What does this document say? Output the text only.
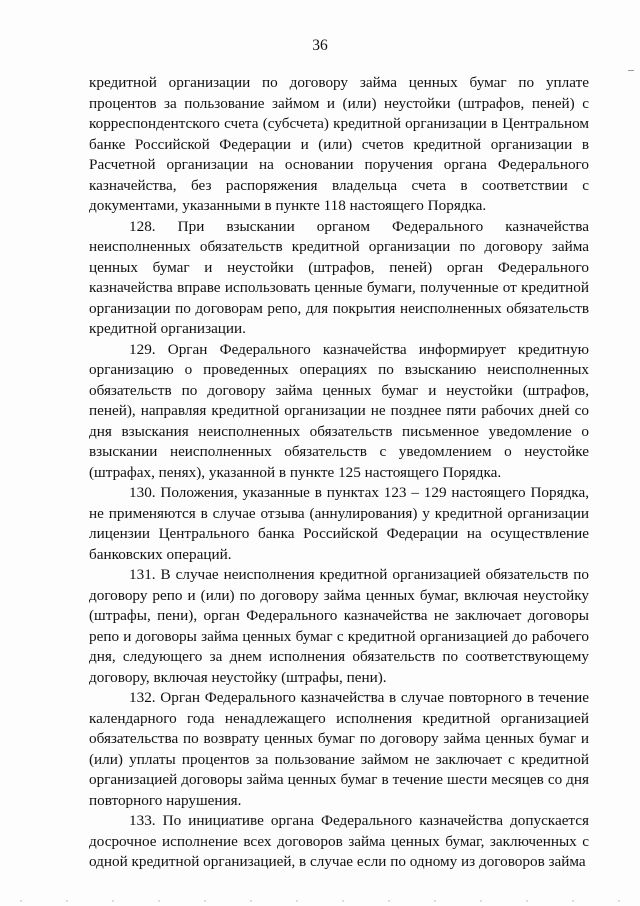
36

кредитной организации по договору займа ценных бумаг по уплате процентов за пользование займом и (или) неустойки (штрафов, пеней) с корреспондентского счета (субсчета) кредитной организации в Центральном банке Российской Федерации и (или) счетов кредитной организации в Расчетной организации на основании поручения органа Федерального казначейства, без распоряжения владельца счета в соответствии с документами, указанными в пункте 118 настоящего Порядка.

128. При взыскании органом Федерального казначейства неисполненных обязательств кредитной организации по договору займа ценных бумаг и неустойки (штрафов, пеней) орган Федерального казначейства вправе использовать ценные бумаги, полученные от кредитной организации по договорам репо, для покрытия неисполненных обязательств кредитной организации.

129. Орган Федерального казначейства информирует кредитную организацию о проведенных операциях по взысканию неисполненных обязательств по договору займа ценных бумаг и неустойки (штрафов, пеней), направляя кредитной организации не позднее пяти рабочих дней со дня взыскания неисполненных обязательств письменное уведомление о взыскании неисполненных обязательств с уведомлением о неустойке (штрафах, пенях), указанной в пункте 125 настоящего Порядка.

130. Положения, указанные в пунктах 123 – 129 настоящего Порядка, не применяются в случае отзыва (аннулирования) у кредитной организации лицензии Центрального банка Российской Федерации на осуществление банковских операций.

131. В случае неисполнения кредитной организацией обязательств по договору репо и (или) по договору займа ценных бумаг, включая неустойку (штрафы, пени), орган Федерального казначейства не заключает договоры репо и договоры займа ценных бумаг с кредитной организацией до рабочего дня, следующего за днем исполнения обязательств по соответствующему договору, включая неустойку (штрафы, пени).

132. Орган Федерального казначейства в случае повторного в течение календарного года ненадлежащего исполнения кредитной организацией обязательства по возврату ценных бумаг по договору займа ценных бумаг и (или) уплаты процентов за пользование займом не заключает с кредитной организацией договоры займа ценных бумаг в течение шести месяцев со дня повторного нарушения.

133. По инициативе органа Федерального казначейства допускается досрочное исполнение всех договоров займа ценных бумаг, заключенных с одной кредитной организацией, в случае если по одному из договоров займа
